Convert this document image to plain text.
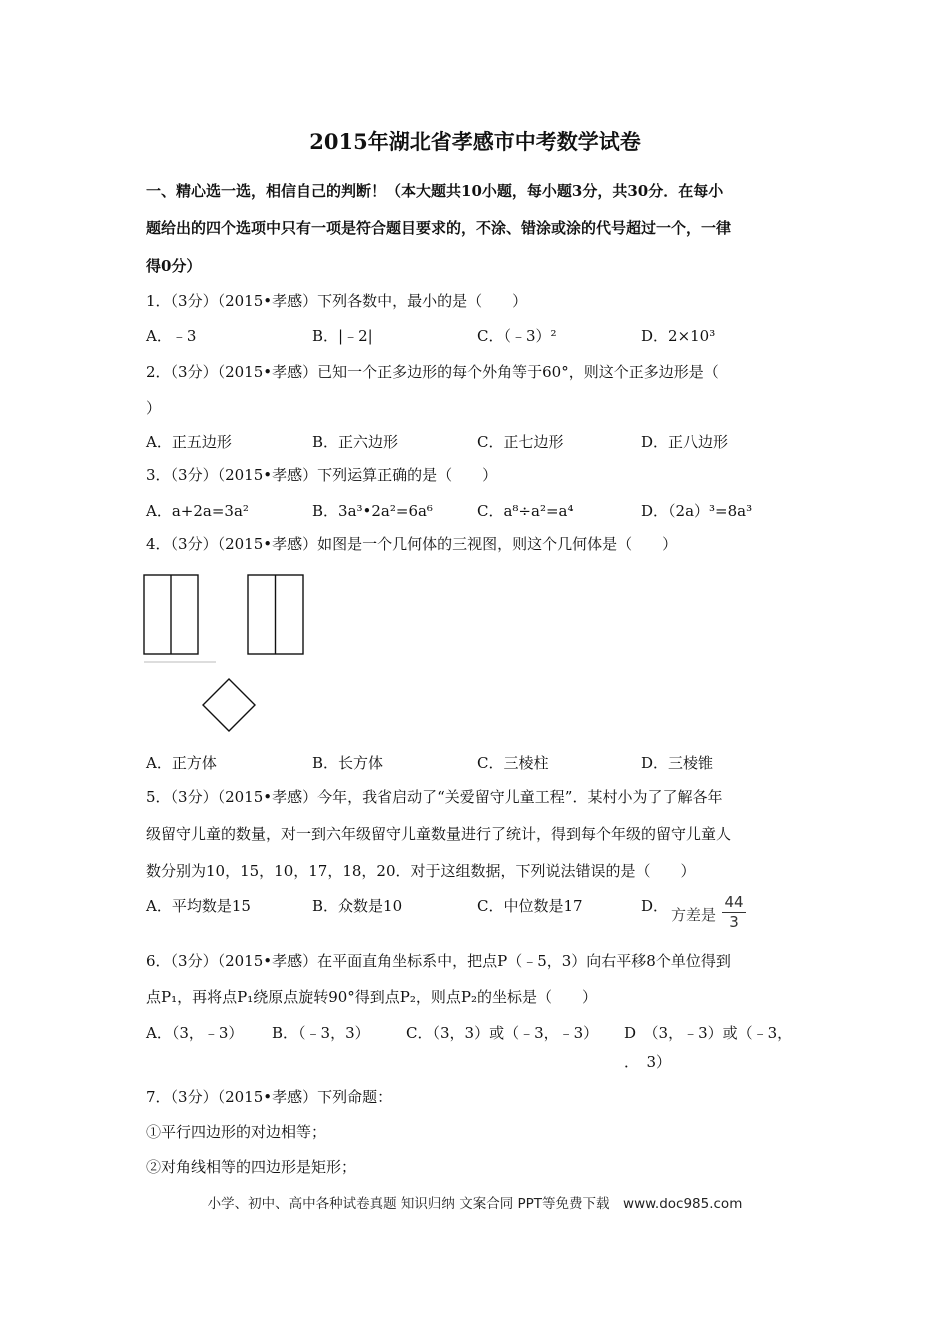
2015年湖北省孝感市中考数学试卷
一、精心选一选，相信自己的判断！（本大题共10小题，每小题3分，共30分．在每小
题给出的四个选项中只有一项是符合题目要求的，不涂、错涂或涂的代号超过一个，一律
得0分）
1．（3分）（2015•孝感）下列各数中，最小的是（　　）
A．﹣3	B．|﹣2|	C．（﹣3）²	D．2×10³
2．（3分）（2015•孝感）已知一个正多边形的每个外角等于60°，则这个正多边形是（
）
A．正五边形	B．正六边形	C．正七边形	D．正八边形
3．（3分）（2015•孝感）下列运算正确的是（　　）
A．a+2a=3a²	B．3a³•2a²=6a⁶	C．a⁸÷a²=a⁴	D．（2a）³=8a³
4．（3分）（2015•孝感）如图是一个几何体的三视图，则这个几何体是（　　）
A．正方体	B．长方体	C．三棱柱	D．三棱锥
5．（3分）（2015•孝感）今年，我省启动了“关爱留守儿童工程”．某村小为了了解各年
级留守儿童的数量，对一到六年级留守儿童数量进行了统计，得到每个年级的留守儿童人
数分别为10，15，10，17，18，20．对于这组数据，下列说法错误的是（　　）
A．平均数是15	B．众数是10	C．中位数是17	D． 方差是
44
3
6．（3分）（2015•孝感）在平面直角坐标系中，把点P（﹣5，3）向右平移8个单位得到
点P₁，再将点P₁绕原点旋转90°得到点P₂，则点P₂的坐标是（　　）
A．（3，﹣3） B．（﹣3，3） C．（3，3）或（﹣3，﹣3） D　（3，﹣3）或（﹣3，
．　3）
7．（3分）（2015•孝感）下列命题：
①平行四边形的对边相等；
②对角线相等的四边形是矩形；
小学、初中、高中各种试卷真题 知识归纳 文案合同 PPT等免费下载　www.doc985.com
